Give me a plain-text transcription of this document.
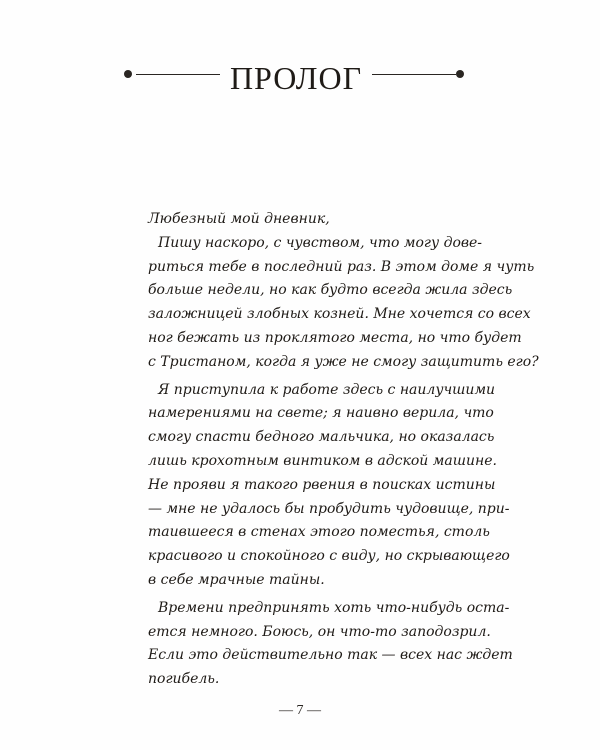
ПРОЛОГ
Любезный мой дневник,
Пишу наскоро, с чувством, что могу дове-
риться тебе в последний раз. В этом доме я чуть
больше недели, но как будто всегда жила здесь
заложницей злобных козней. Мне хочется со всех
ног бежать из проклятого места, но что будет
с Тристаном, когда я уже не смогу защитить его?
Я приступила к работе здесь с наилучшими
намерениями на свете; я наивно верила, что
смогу спасти бедного мальчика, но оказалась
лишь крохотным винтиком в адской машине.
Не прояви я такого рвения в поисках истины
— мне не удалось бы пробудить чудовище, при-
таившееся в стенах этого поместья, столь
красивого и спокойного с виду, но скрывающего
в себе мрачные тайны.
Времени предпринять хоть что-нибудь оста-
ется немного. Боюсь, он что-то заподозрил.
Если это действительно так — всех нас ждет
погибель.
— 7 —
